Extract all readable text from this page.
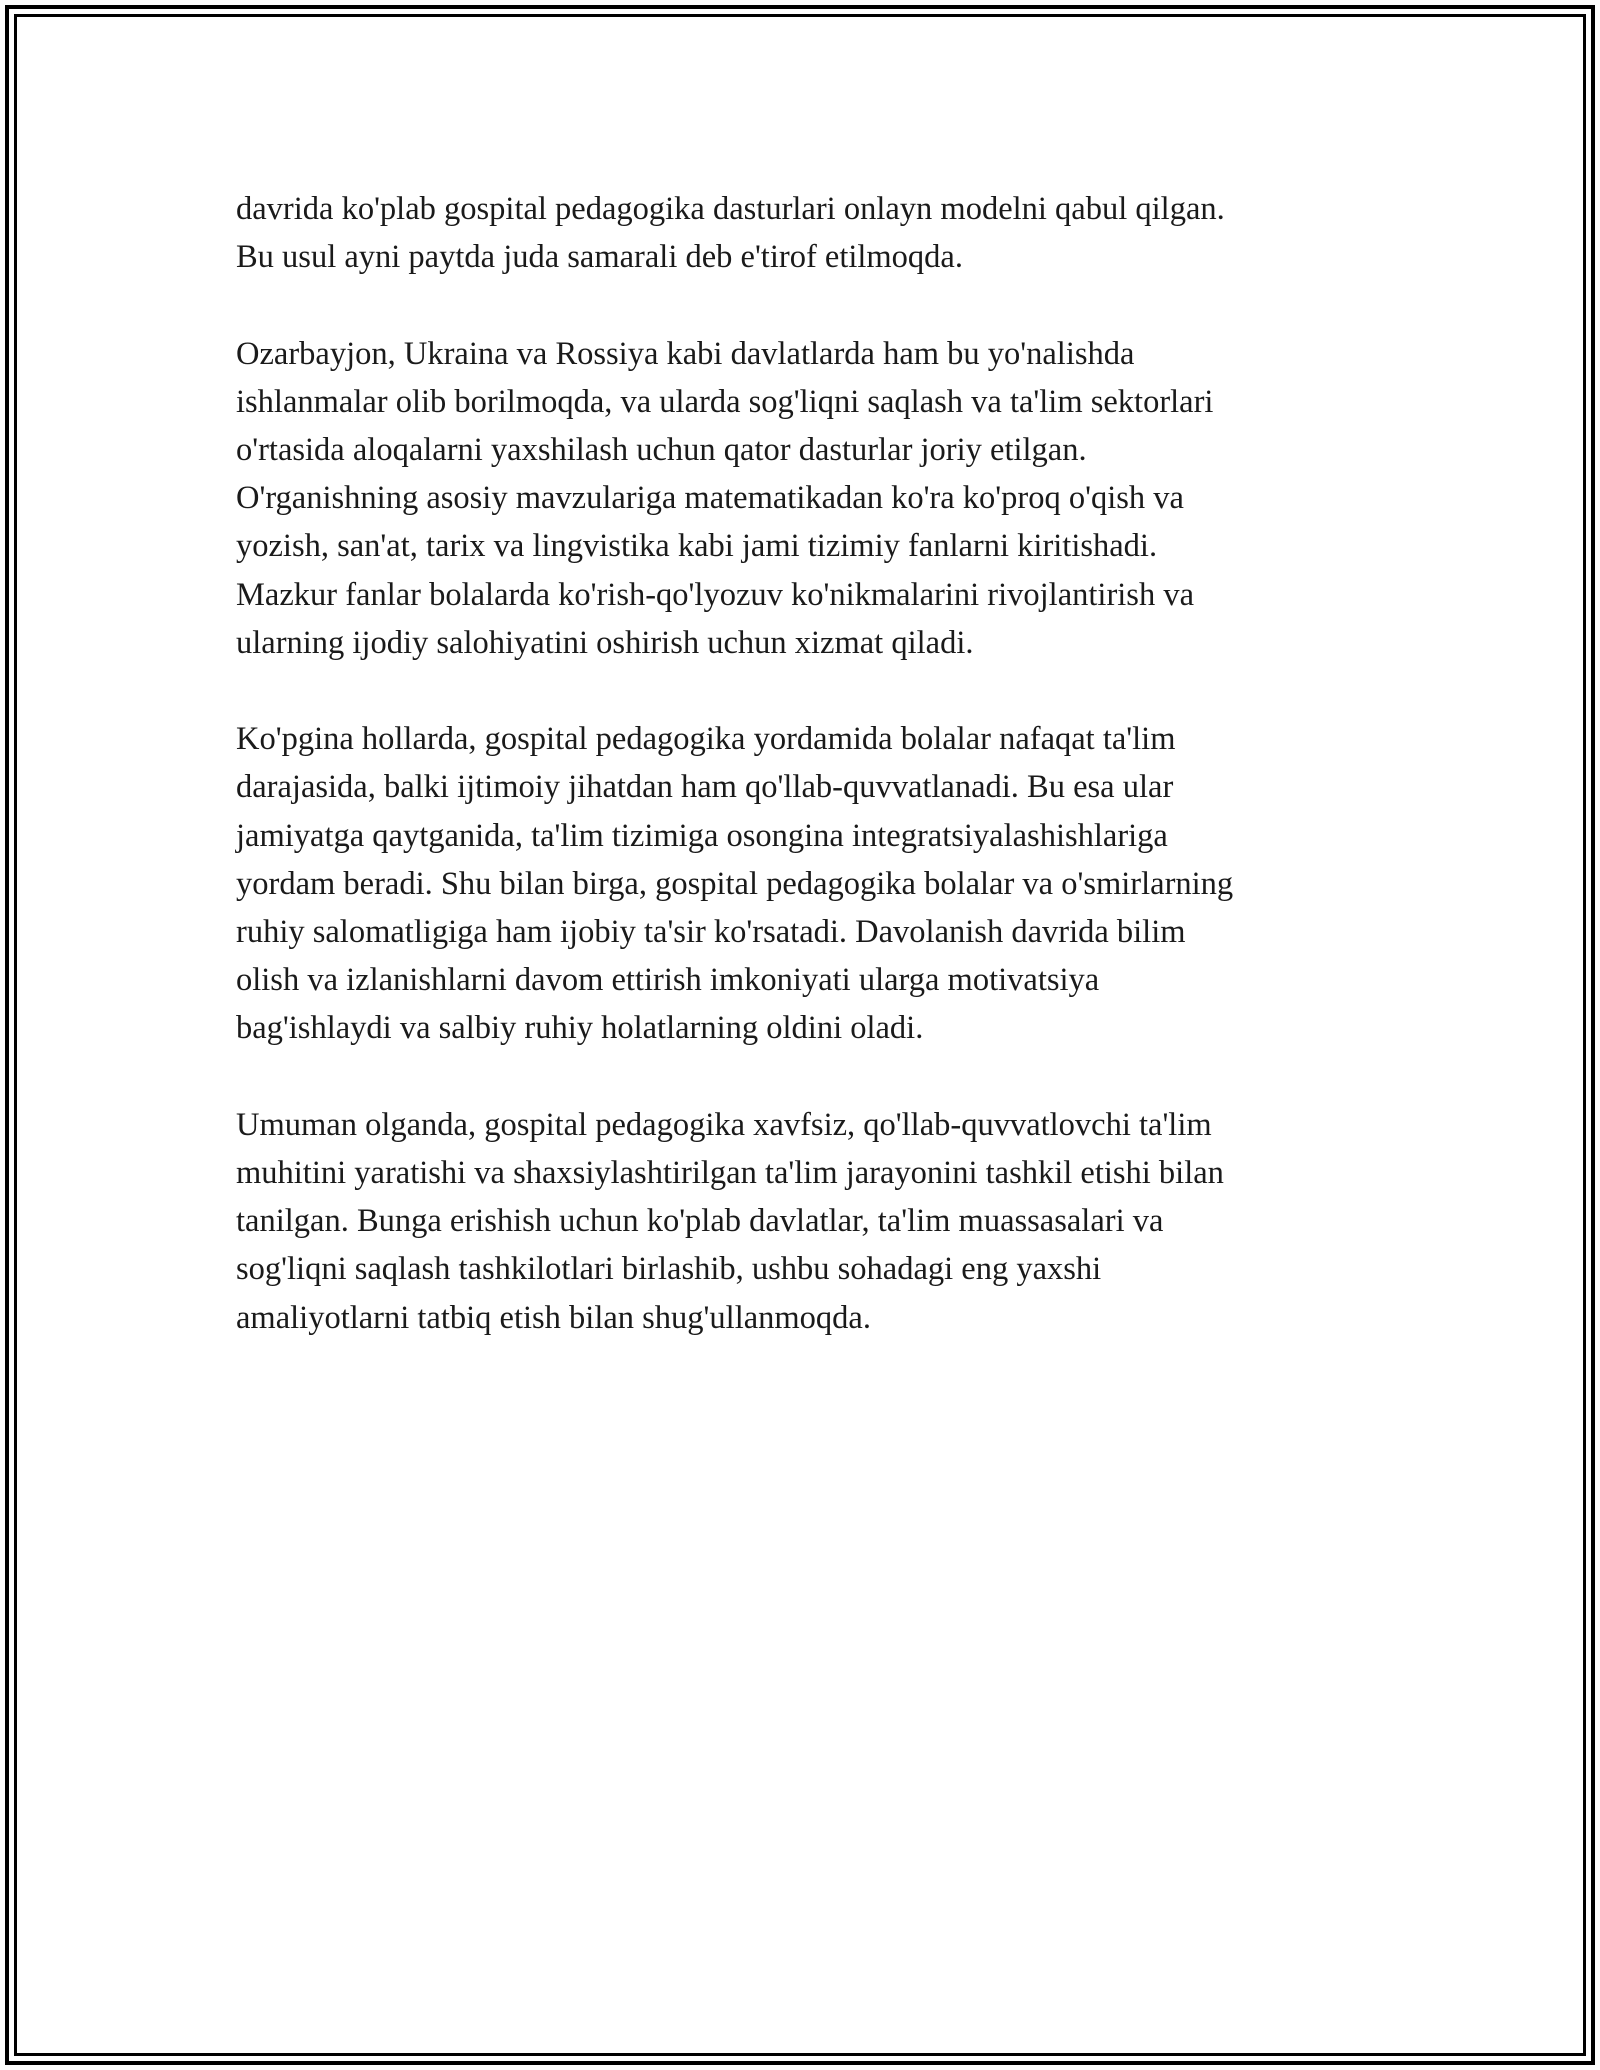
davrida ko'plab gospital pedagogika dasturlari onlayn modelni qabul qilgan.
Bu usul ayni paytda juda samarali deb e'tirof etilmoqda.

Ozarbayjon, Ukraina va Rossiya kabi davlatlarda ham bu yo'nalishda
ishlanmalar olib borilmoqda, va ularda sog'liqni saqlash va ta'lim sektorlari
o'rtasida aloqalarni yaxshilash uchun qator dasturlar joriy etilgan.
O'rganishning asosiy mavzulariga matematikadan ko'ra ko'proq o'qish va
yozish, san'at, tarix va lingvistika kabi jami tizimiy fanlarni kiritishadi.
Mazkur fanlar bolalarda ko'rish-qo'lyozuv ko'nikmalarini rivojlantirish va
ularning ijodiy salohiyatini oshirish uchun xizmat qiladi.

Ko'pgina hollarda, gospital pedagogika yordamida bolalar nafaqat ta'lim
darajasida, balki ijtimoiy jihatdan ham qo'llab-quvvatlanadi. Bu esa ular
jamiyatga qaytganida, ta'lim tizimiga osongina integratsiyalashishlariga
yordam beradi. Shu bilan birga, gospital pedagogika bolalar va o'smirlarning
ruhiy salomatligiga ham ijobiy ta'sir ko'rsatadi. Davolanish davrida bilim
olish va izlanishlarni davom ettirish imkoniyati ularga motivatsiya
bag'ishlaydi va salbiy ruhiy holatlarning oldini oladi.

Umuman olganda, gospital pedagogika xavfsiz, qo'llab-quvvatlovchi ta'lim
muhitini yaratishi va shaxsiylashtirilgan ta'lim jarayonini tashkil etishi bilan
tanilgan. Bunga erishish uchun ko'plab davlatlar, ta'lim muassasalari va
sog'liqni saqlash tashkilotlari birlashib, ushbu sohadagi eng yaxshi
amaliyotlarni tatbiq etish bilan shug'ullanmoqda.
